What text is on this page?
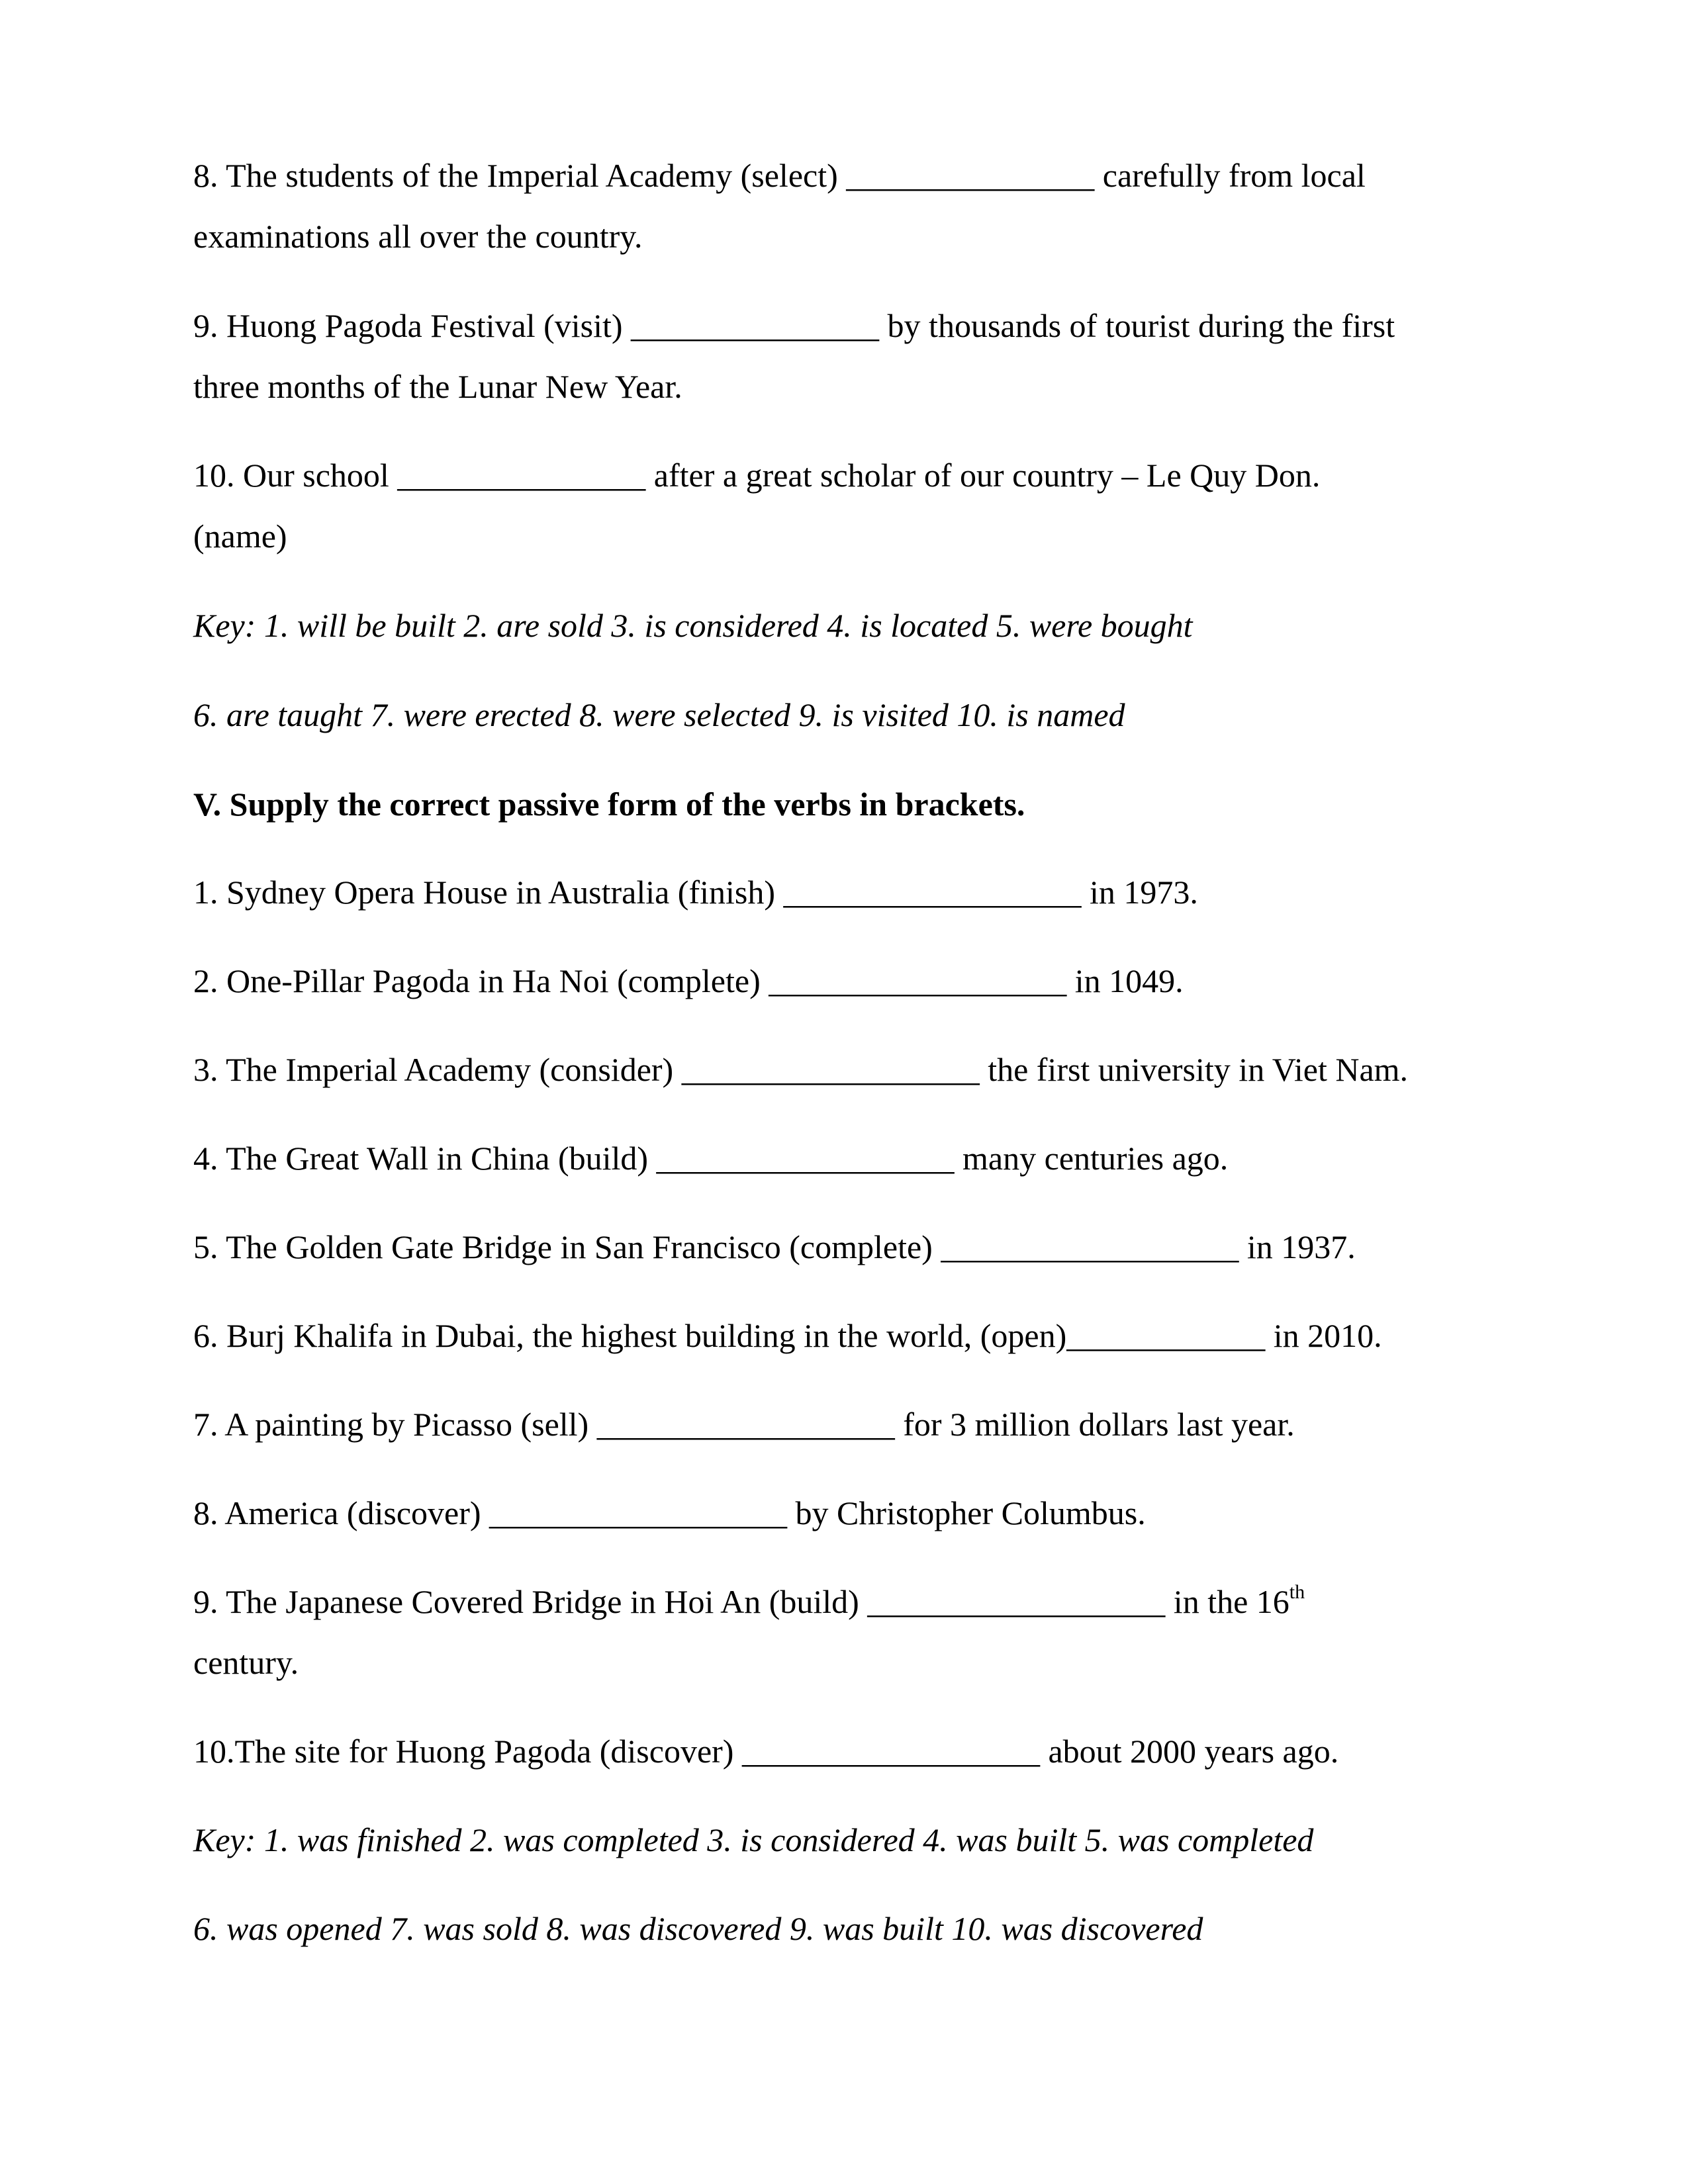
8. The students of the Imperial Academy (select) _______________ carefully from local
examinations all over the country.
9. Huong Pagoda Festival (visit) _______________ by thousands of tourist during the first
three months of the Lunar New Year.
10. Our school _______________ after a great scholar of our country – Le Quy Don.
(name)
Key: 1. will be built 2. are sold 3. is considered 4. is located 5. were bought
6. are taught 7. were erected 8. were selected 9. is visited 10. is named
V. Supply the correct passive form of the verbs in brackets.
1. Sydney Opera House in Australia (finish) __________________ in 1973.
2. One-Pillar Pagoda in Ha Noi (complete) __________________ in 1049.
3. The Imperial Academy (consider) __________________ the first university in Viet Nam.
4. The Great Wall in China (build) __________________ many centuries ago.
5. The Golden Gate Bridge in San Francisco (complete) __________________ in 1937.
6. Burj Khalifa in Dubai, the highest building in the world, (open)____________ in 2010.
7. A painting by Picasso (sell) __________________ for 3 million dollars last year.
8. America (discover) __________________ by Christopher Columbus.
9. The Japanese Covered Bridge in Hoi An (build) __________________ in the 16th
century.
10.The site for Huong Pagoda (discover) __________________ about 2000 years ago.
Key: 1. was finished 2. was completed 3. is considered 4. was built 5. was completed
6. was opened 7. was sold 8. was discovered 9. was built 10. was discovered
